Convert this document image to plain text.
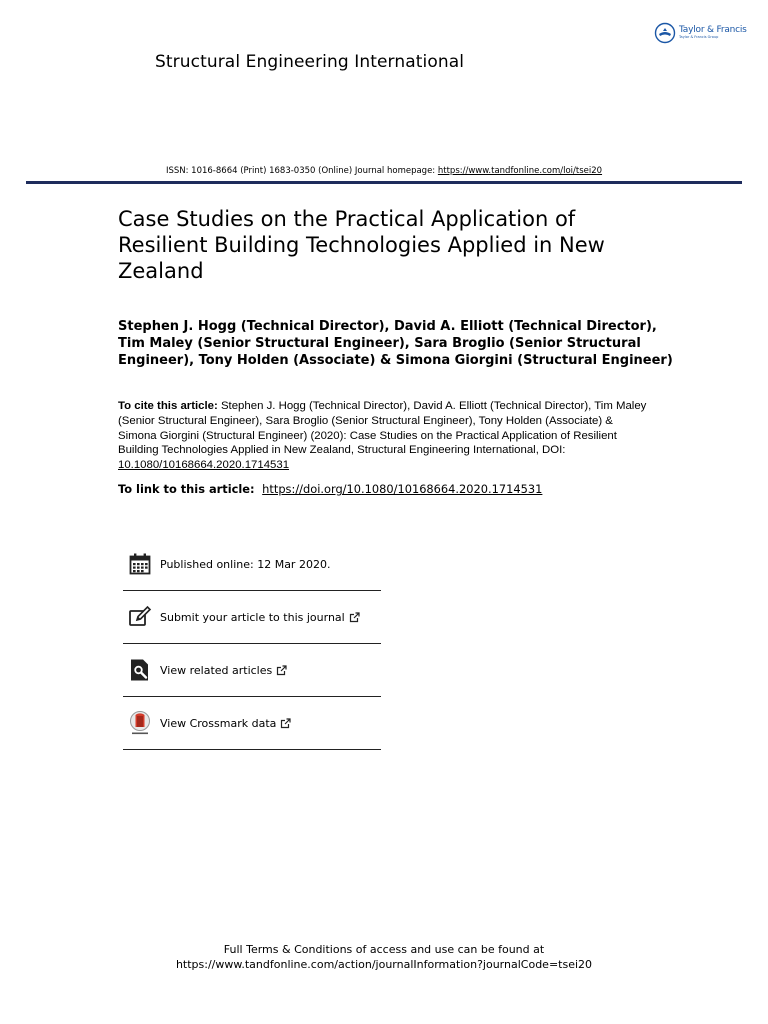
Taylor & Francis
Taylor & Francis Group
Structural Engineering International
ISSN: 1016-8664 (Print) 1683-0350 (Online) Journal homepage: https://www.tandfonline.com/loi/tsei20
Case Studies on the Practical Application of Resilient Building Technologies Applied in New Zealand
Stephen J. Hogg (Technical Director), David A. Elliott (Technical Director), Tim Maley (Senior Structural Engineer), Sara Broglio (Senior Structural Engineer), Tony Holden (Associate) & Simona Giorgini (Structural Engineer)
To cite this article: Stephen J. Hogg (Technical Director), David A. Elliott (Technical Director), Tim Maley (Senior Structural Engineer), Sara Broglio (Senior Structural Engineer), Tony Holden (Associate) & Simona Giorgini (Structural Engineer) (2020): Case Studies on the Practical Application of Resilient Building Technologies Applied in New Zealand, Structural Engineering International, DOI: 10.1080/10168664.2020.1714531
To link to this article: https://doi.org/10.1080/10168664.2020.1714531
Published online: 12 Mar 2020.
Submit your article to this journal
View related articles
View Crossmark data
Full Terms & Conditions of access and use can be found at
https://www.tandfonline.com/action/journalInformation?journalCode=tsei20
